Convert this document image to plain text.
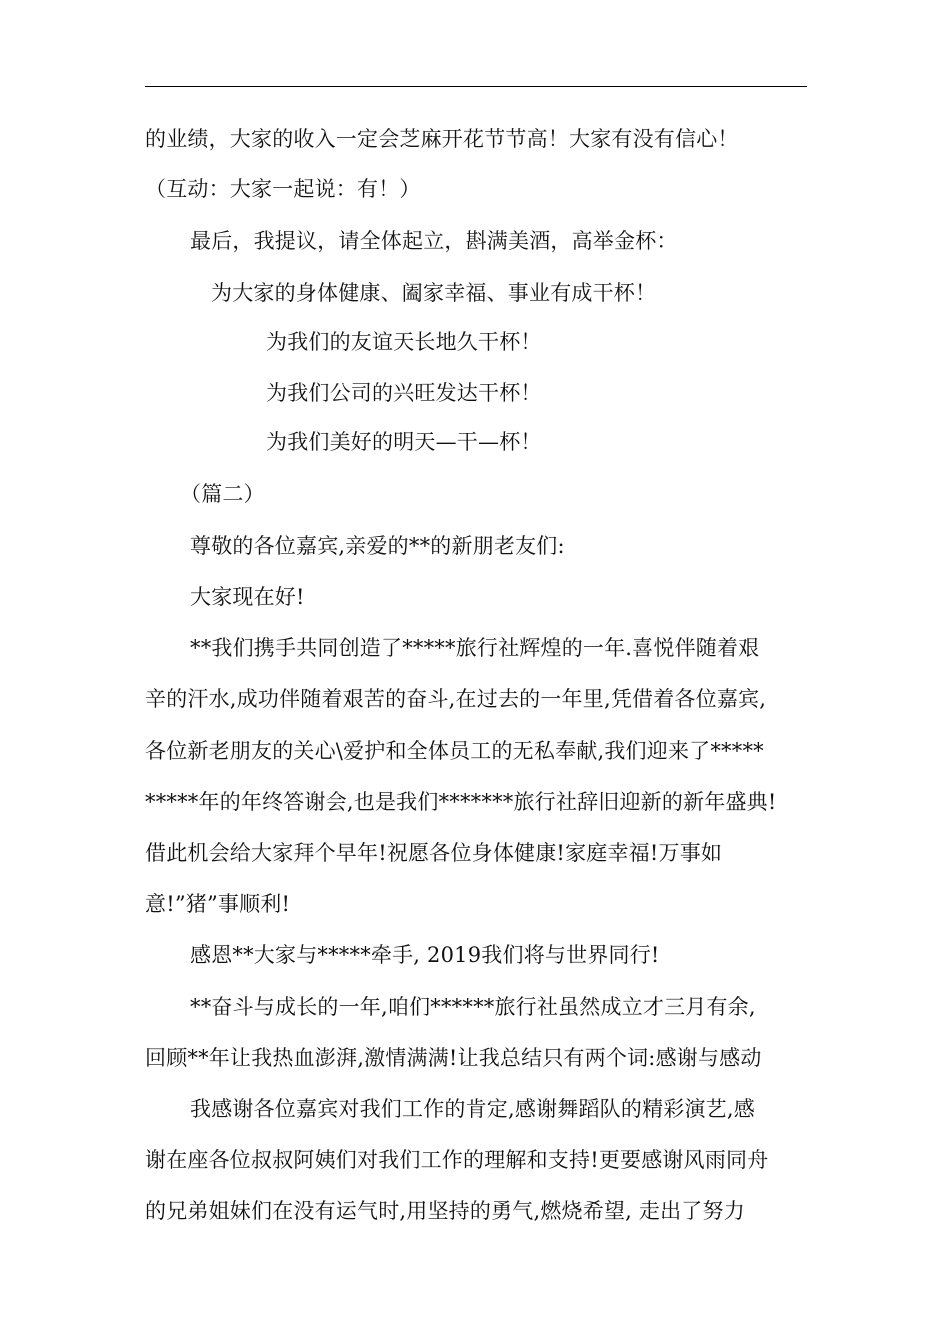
的业绩，大家的收入一定会芝麻开花节节高！大家有没有信心！
（互动：大家一起说：有！）
最后，我提议，请全体起立，斟满美酒，高举金杯：
为大家的身体健康、阖家幸福、事业有成干杯！
为我们的友谊天长地久干杯！
为我们公司的兴旺发达干杯！
为我们美好的明天—干—杯！
（篇二）
尊敬的各位嘉宾,亲爱的**的新朋老友们:
大家现在好!
**我们携手共同创造了*****旅行社辉煌的一年.喜悦伴随着艰
辛的汗水,成功伴随着艰苦的奋斗,在过去的一年里,凭借着各位嘉宾,
各位新老朋友的关心\爱护和全体员工的无私奉献,我们迎来了*****
*****年的年终答谢会,也是我们*******旅行社辞旧迎新的新年盛典!
借此机会给大家拜个早年!祝愿各位身体健康!家庭幸福!万事如
意!”猪”事顺利!
感恩**大家与*****牵手, 2019我们将与世界同行!
**奋斗与成长的一年,咱们******旅行社虽然成立才三月有余,
回顾**年让我热血澎湃,激情满满!让我总结只有两个词:感谢与感动
我感谢各位嘉宾对我们工作的肯定,感谢舞蹈队的精彩演艺,感
谢在座各位叔叔阿姨们对我们工作的理解和支持!更要感谢风雨同舟
的兄弟姐妹们在没有运气时,用坚持的勇气,燃烧希望, 走出了努力
